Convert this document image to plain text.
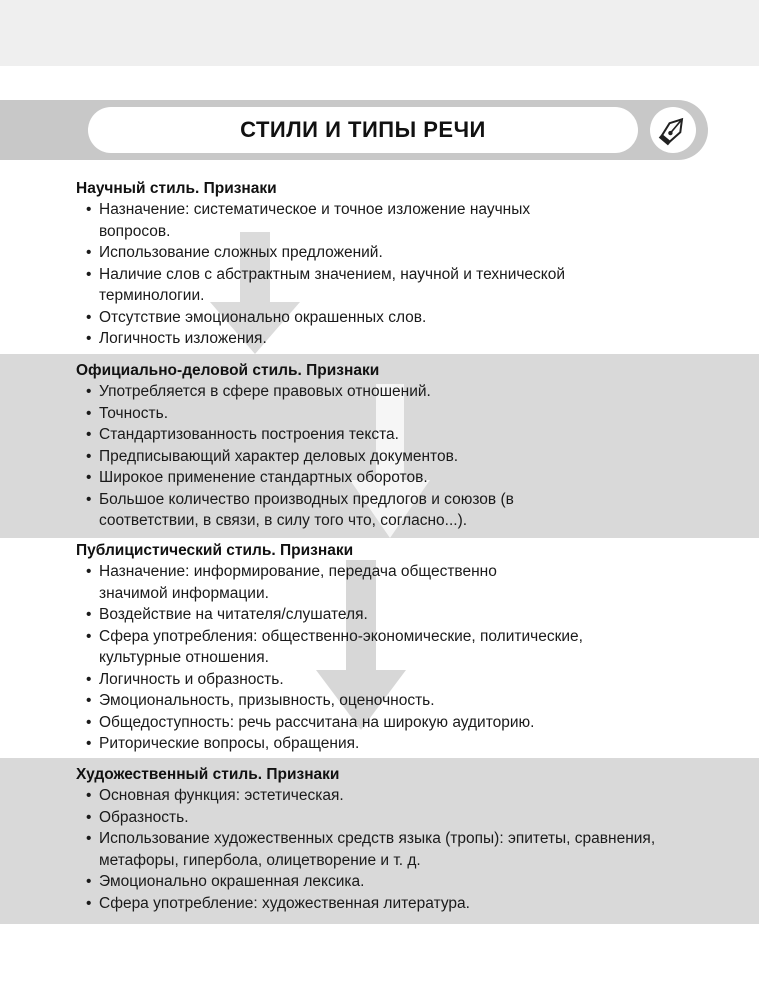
СТИЛИ И ТИПЫ РЕЧИ
Научный стиль. Признаки
• Назначение: систематическое и точное изложение научных вопросов.
• Использование сложных предложений.
• Наличие слов с абстрактным значением, научной и технической терминологии.
• Отсутствие эмоционально окрашенных слов.
• Логичность изложения.
Официально-деловой стиль. Признаки
• Употребляется в сфере правовых отношений.
• Точность.
• Стандартизованность построения текста.
• Предписывающий характер деловых документов.
• Широкое применение стандартных оборотов.
• Большое количество производных предлогов и союзов (в соответствии, в связи, в силу того что, согласно...).
Публицистический стиль. Признаки
• Назначение: информирование, передача общественно значимой информации.
• Воздействие на читателя/слушателя.
• Сфера употребления: общественно-экономические, политические, культурные отношения.
• Логичность и образность.
• Эмоциональность, призывность, оценочность.
• Общедоступность: речь рассчитана на широкую аудиторию.
• Риторические вопросы, обращения.
Художественный стиль. Признаки
• Основная функция: эстетическая.
• Образность.
• Использование художественных средств языка (тропы): эпитеты, сравнения, метафоры, гипербола, олицетворение и т. д.
• Эмоционально окрашенная лексика.
• Сфера употребление: художественная литература.
